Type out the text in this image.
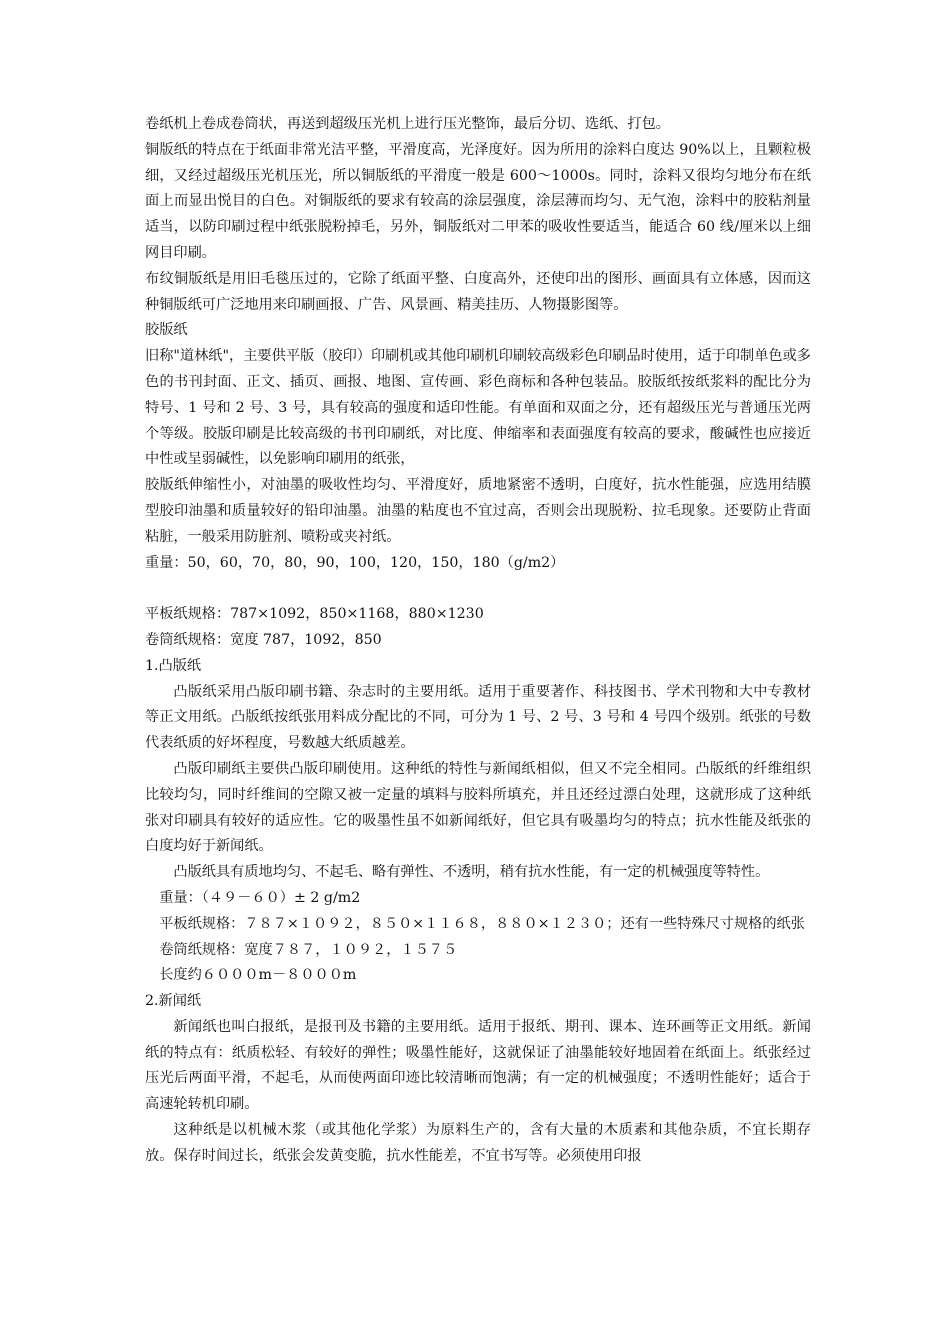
卷纸机上卷成卷筒状，再送到超级压光机上进行压光整饰，最后分切、选纸、打包。

铜版纸的特点在于纸面非常光洁平整，平滑度高，光泽度好。因为所用的涂料白度达 90%以上，且颗粒极细，又经过超级压光机压光，所以铜版纸的平滑度一般是 600～1000s。同时，涂料又很均匀地分布在纸面上而显出悦目的白色。对铜版纸的要求有较高的涂层强度，涂层薄而均匀、无气泡，涂料中的胶粘剂量适当，以防印刷过程中纸张脱粉掉毛，另外，铜版纸对二甲苯的吸收性要适当，能适合 60 线/厘米以上细网目印刷。

布纹铜版纸是用旧毛毯压过的，它除了纸面平整、白度高外，还使印出的图形、画面具有立体感，因而这种铜版纸可广泛地用来印刷画报、广告、风景画、精美挂历、人物摄影图等。

胶版纸

旧称"道林纸"，主要供平版（胶印）印刷机或其他印刷机印刷较高级彩色印刷品时使用，适于印制单色或多色的书刊封面、正文、插页、画报、地图、宣传画、彩色商标和各种包装品。胶版纸按纸浆料的配比分为特号、1 号和 2 号、3 号，具有较高的强度和适印性能。有单面和双面之分，还有超级压光与普通压光两个等级。胶版印刷是比较高级的书刊印刷纸，对比度、伸缩率和表面强度有较高的要求，酸碱性也应接近中性或呈弱碱性，以免影响印刷用的纸张，

胶版纸伸缩性小，对油墨的吸收性均匀、平滑度好，质地紧密不透明，白度好，抗水性能强，应选用结膜型胶印油墨和质量较好的铅印油墨。油墨的粘度也不宜过高，否则会出现脱粉、拉毛现象。还要防止背面粘脏，一般采用防脏剂、喷粉或夹衬纸。

重量：50，60，70，80，90，100，120，150，180（g/m2）

平板纸规格：787×1092，850×1168，880×1230

卷筒纸规格：宽度 787，1092，850

1.凸版纸

凸版纸采用凸版印刷书籍、杂志时的主要用纸。适用于重要著作、科技图书、学术刊物和大中专教材等正文用纸。凸版纸按纸张用料成分配比的不同，可分为 1 号、2 号、3 号和 4 号四个级别。纸张的号数代表纸质的好坏程度，号数越大纸质越差。

凸版印刷纸主要供凸版印刷使用。这种纸的特性与新闻纸相似，但又不完全相同。凸版纸的纤维组织比较均匀，同时纤维间的空隙又被一定量的填料与胶料所填充，并且还经过漂白处理，这就形成了这种纸张对印刷具有较好的适应性。它的吸墨性虽不如新闻纸好，但它具有吸墨均匀的特点；抗水性能及纸张的白度均好于新闻纸。

凸版纸具有质地均匀、不起毛、略有弹性、不透明，稍有抗水性能，有一定的机械强度等特性。

重量：（４９－６０）± 2 g/m2

平板纸规格：７８７×１０９２，８５０×１１６８，８８０×１２３０；还有一些特殊尺寸规格的纸张

卷筒纸规格：宽度７８７，１０９２，１５７５

长度约６０００m－８０００m

2.新闻纸

新闻纸也叫白报纸，是报刊及书籍的主要用纸。适用于报纸、期刊、课本、连环画等正文用纸。新闻纸的特点有：纸质松轻、有较好的弹性；吸墨性能好，这就保证了油墨能较好地固着在纸面上。纸张经过压光后两面平滑，不起毛，从而使两面印迹比较清晰而饱满；有一定的机械强度；不透明性能好；适合于高速轮转机印刷。

这种纸是以机械木浆（或其他化学浆）为原料生产的，含有大量的木质素和其他杂质，不宜长期存放。保存时间过长，纸张会发黄变脆，抗水性能差，不宜书写等。必须使用印报
